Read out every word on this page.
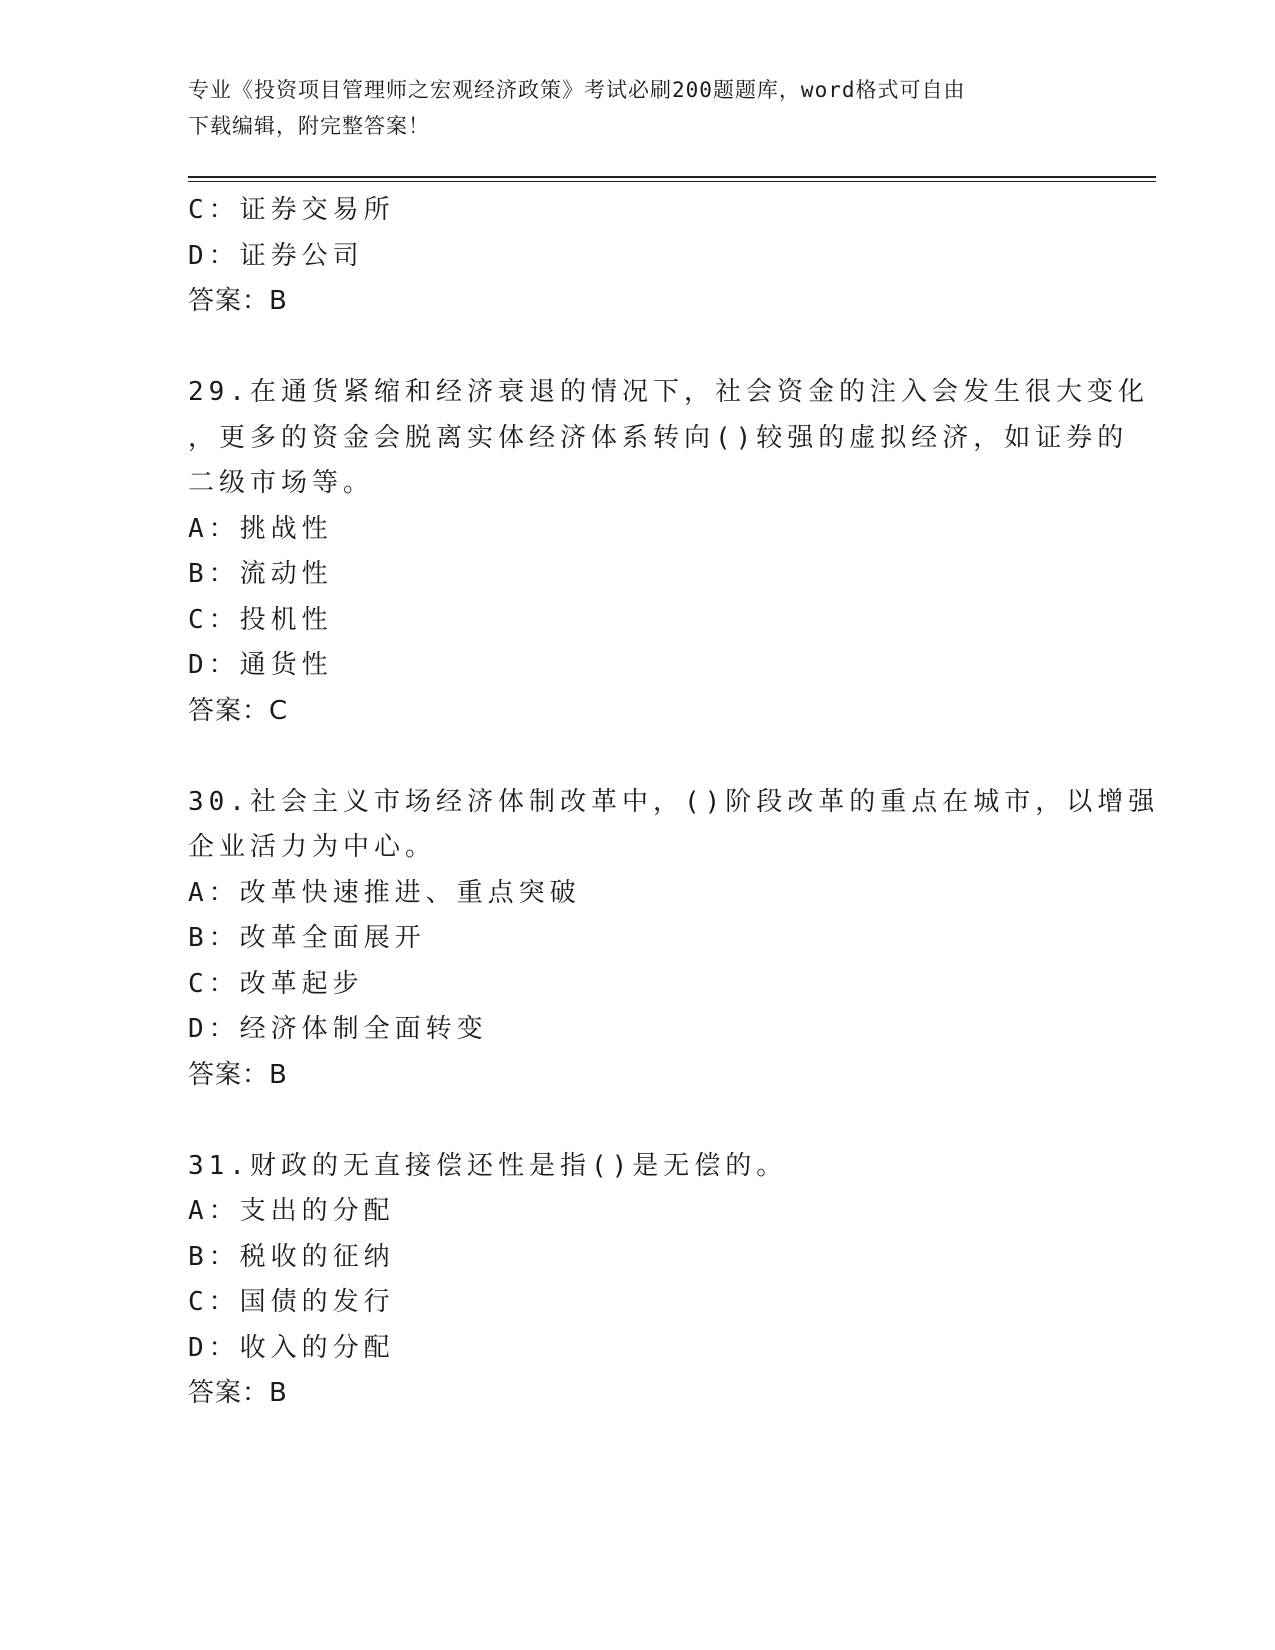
专业《投资项目管理师之宏观经济政策》考试必刷200题题库，word格式可自由
下载编辑，附完整答案！
C：证券交易所
D：证券公司
答案：B
29.在通货紧缩和经济衰退的情况下，社会资金的注入会发生很大变化
，更多的资金会脱离实体经济体系转向()较强的虚拟经济，如证券的
二级市场等。
A：挑战性
B：流动性
C：投机性
D：通货性
答案：C
30.社会主义市场经济体制改革中，()阶段改革的重点在城市，以增强
企业活力为中心。
A：改革快速推进、重点突破
B：改革全面展开
C：改革起步
D：经济体制全面转变
答案：B
31.财政的无直接偿还性是指()是无偿的。
A：支出的分配
B：税收的征纳
C：国债的发行
D：收入的分配
答案：B
